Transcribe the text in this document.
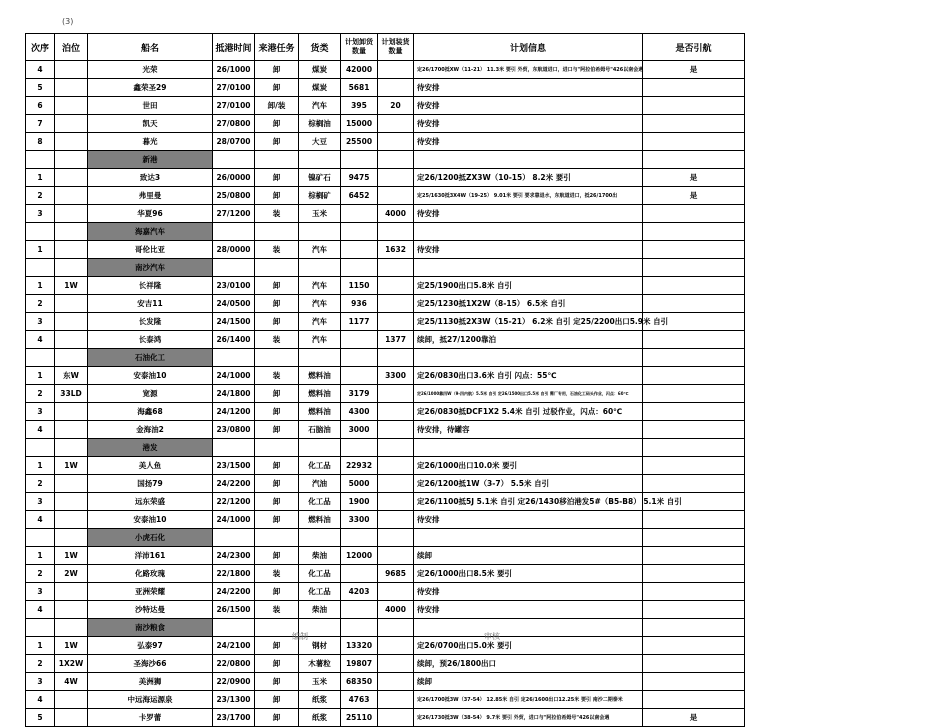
(3)
次序	泊位	船名	抵港时间	来港任务	货类	计划卸货数量	计划装货数量	计划信息	是否引航
4		光荣	26/1000	卸	煤炭	42000		定26/1700抵XW（11-21） 11.3米 要引 外贸，东航道进口，进口与"阿拉伯希姆号"426以南会遇	是
5		鑫荣圣29	27/0100	卸	煤炭	5681		待安排	
6		世田	27/0100	卸/装	汽车	395	20	待安排	
7		凯天	27/0800	卸	棕榈油	15000		待安排	
8		暮光	28/0700	卸	大豆	25500		待安排	
		新港							
1		致达3	26/0000	卸	镍矿石	9475		定26/1200抵ZX3W（10-15） 8.2米 要引	是
2		弗里曼	25/0800	卸	棕榈矿	6452		定25/1630抵3X4W（19-25） 9.01米 要引 要求靠退水，东航道进口，抵26/1700出	是
3		华夏96	27/1200	装	玉米		4000	待安排	
		海嘉汽车							
1		哥伦比亚	28/0000	装	汽车		1632	待安排	
		南沙汽车							
1	1W	长祥隆	23/0100	卸	汽车	1150		定25/1900出口5.8米 自引	
2		安吉11	24/0500	卸	汽车	936		定25/1230抵1X2W（8-15） 6.5米 自引	
3		长发隆	24/1500	卸	汽车	1177		定25/1130抵2X3W（15-21） 6.2米 自引 定25/2200出口5.9米 自引	
4		长泰鸿	26/1400	装	汽车		1377	续卸，抵27/1200靠泊	
		石油化工							
1	东W	安泰油10	24/1000	装	燃料油		3300	定26/0830出口3.6米 自引 闪点：55℃	
2	33LD	宽源	24/1800	卸	燃料油	3179		定26/1000靠四W（9-四内航）5.5米 自引 定26/1500出口5.5米 自引 需厂专用，石油化工码头作业，闪点：60℃	
3		海鑫68	24/1200	卸	燃料油	4300		定26/0830抵DCF1X2 5.4米 自引 过驳作业，闪点：60℃	
4		金海油2	23/0800	卸	石脑油	3000		待安排，待罐容	
		港发							
1	1W	美人鱼	23/1500	卸	化工品	22932		定26/1000出口10.0米 要引	
2		国扬79	24/2200	卸	汽油	5000		定26/1200抵1W（3-7） 5.5米 自引	
3		远东荣盛	22/1200	卸	化工品	1900		定26/1100抵5J 5.1米 自引 定26/1430移泊港发5#（B5-B8） 5.1米 自引	
4		安泰油10	24/1000	卸	燃料油	3300		待安排	
		小虎石化							
1	1W	洋沛161	24/2300	卸	柴油	12000		续卸	
2	2W	化路玫瑰	22/1800	装	化工品		9685	定26/1000出口8.5米 要引	
3		亚洲荣耀	24/2200	卸	化工品	4203		待安排	
4		沙特达曼	26/1500	装	柴油		4000	待安排	
		南沙粮食							
1	1W	弘泰97	24/2100	卸	钢材	13320		定26/0700出口5.0米 要引	
2	1X2W	圣海沙66	22/0800	卸	木薯粒	19807		续卸，预26/1800出口	
3	4W	美洲狮	22/0900	卸	玉米	68350		续卸	
4		中远海运源泉	23/1300	卸	纸浆	4763		定26/1700抵3W（37-54） 12.85米 自引 定26/1600出口12.25米 要引 南沙二期泰米	
5		卡罗蕾	23/1700	卸	纸浆	25110		定26/1730抵3W（38-54） 9.7米 要引 外贸，进口与"阿拉伯希姆号"426以南会遇	是
编制	审核
